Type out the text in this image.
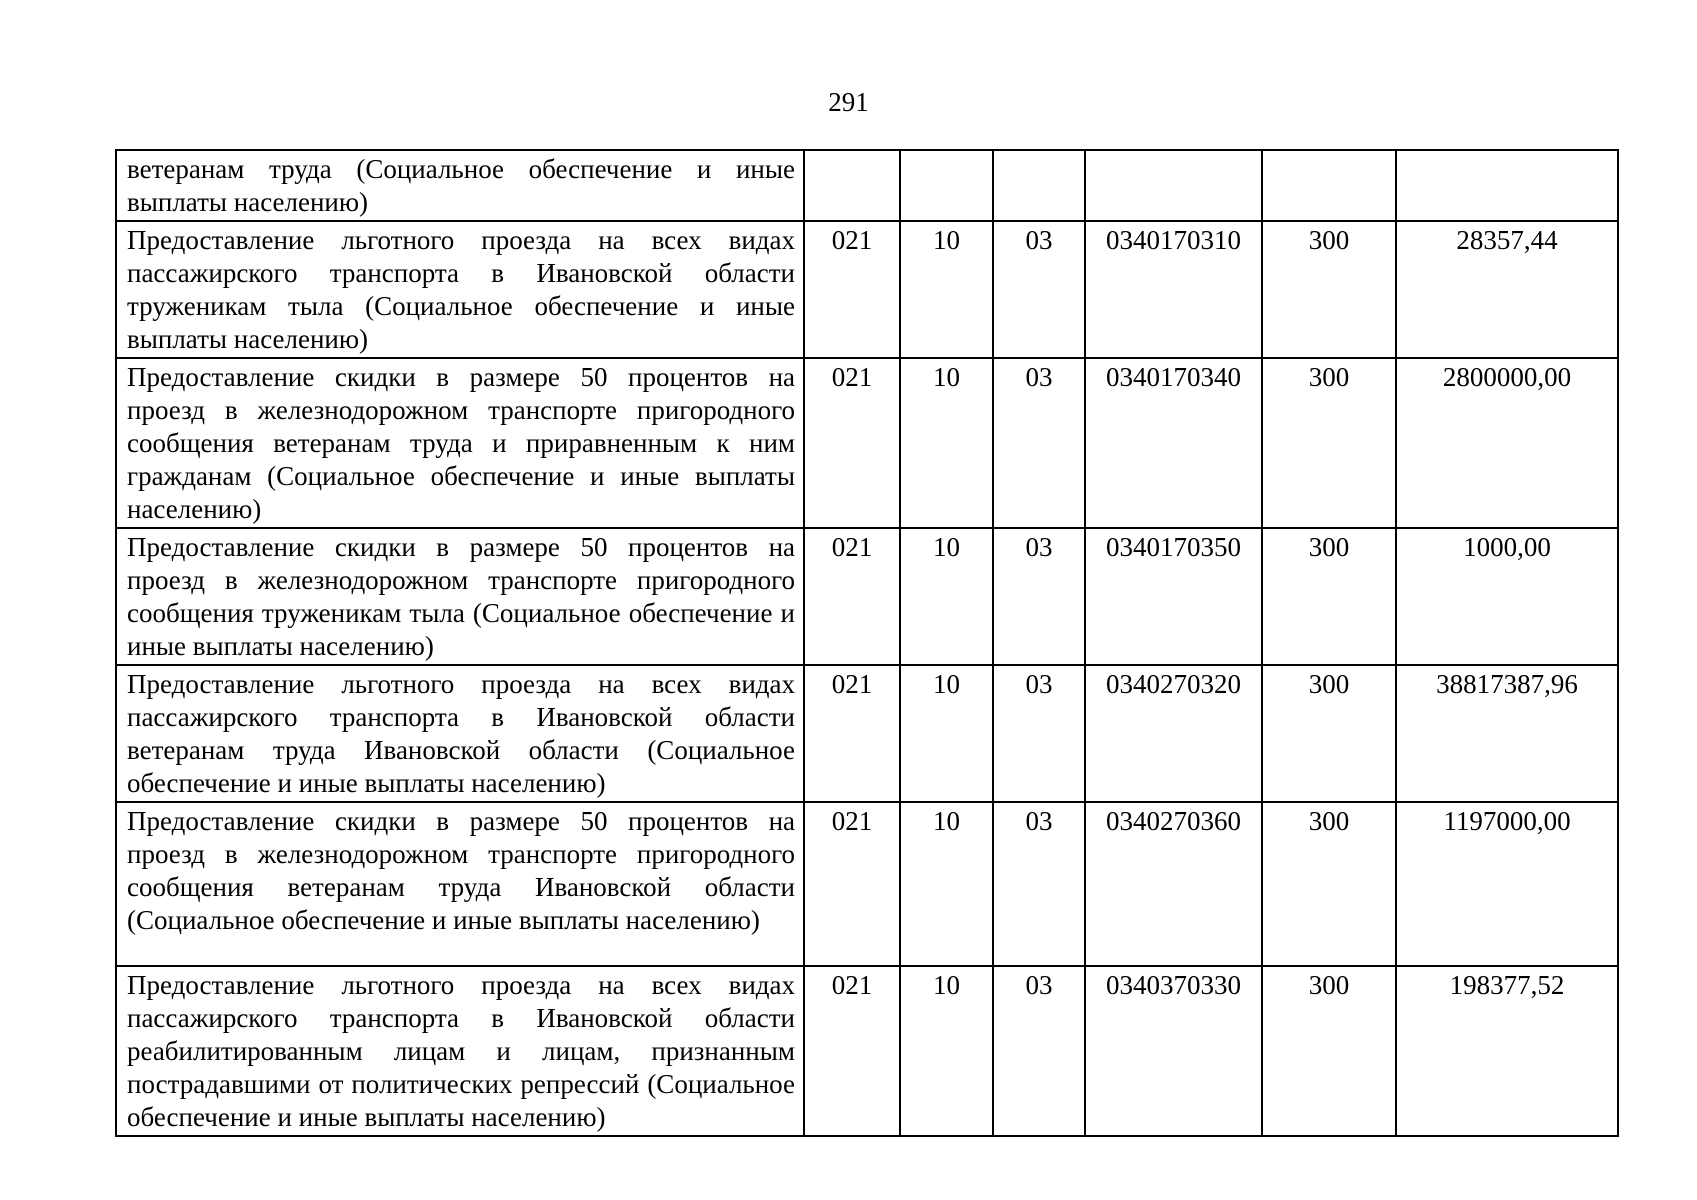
291
ветеранам труда (Социальное обеспечение и иные выплаты населению)						
Предоставление льготного проезда на всех видах пассажирского транспорта в Ивановской области труженикам тыла (Социальное обеспечение и иные выплаты населению)	021	10	03	0340170310	300	28357,44
Предоставление скидки в размере 50 процентов на проезд в железнодорожном транспорте пригородного сообщения ветеранам труда и приравненным к ним гражданам (Социальное обеспечение и иные выплаты населению)	021	10	03	0340170340	300	2800000,00
Предоставление скидки в размере 50 процентов на проезд в железнодорожном транспорте пригородного сообщения труженикам тыла (Социальное обеспечение и иные выплаты населению)	021	10	03	0340170350	300	1000,00
Предоставление льготного проезда на всех видах пассажирского транспорта в Ивановской области ветеранам труда Ивановской области (Социальное обеспечение и иные выплаты населению)	021	10	03	0340270320	300	38817387,96
Предоставление скидки в размере 50 процентов на проезд в железнодорожном транспорте пригородного сообщения ветеранам труда Ивановской области (Социальное обеспечение и иные выплаты населению)	021	10	03	0340270360	300	1197000,00
Предоставление льготного проезда на всех видах пассажирского транспорта в Ивановской области реабилитированным лицам и лицам, признанным пострадавшими от политических репрессий (Социальное обеспечение и иные выплаты населению)	021	10	03	0340370330	300	198377,52
